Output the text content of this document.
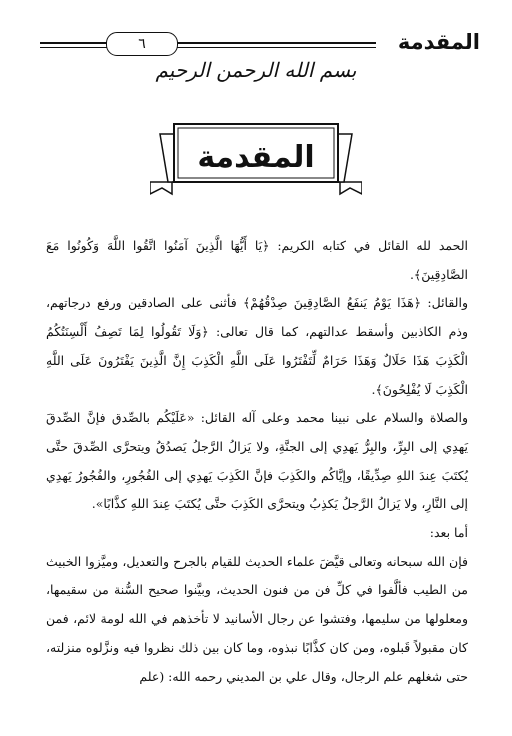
المقدمة
٦
بسم الله الرحمن الرحيم
المقدمة

الحمد لله القائل في كتابه الكريم: ﴿يَا أَيُّهَا الَّذِينَ آمَنُوا اتَّقُوا اللَّهَ وَكُونُوا مَعَ الصَّادِقِينَ﴾.

والقائل: ﴿هَذَا يَوْمُ يَنفَعُ الصَّادِقِينَ صِدْقُهُمْ﴾ فأثنى على الصادقين ورفع درجاتهم، وذم الكاذبين وأسقط عدالتهم، كما قال تعالى: ﴿وَلَا تَقُولُوا لِمَا تَصِفُ أَلْسِنَتُكُمُ الْكَذِبَ هَذَا حَلَالٌ وَهَذَا حَرَامٌ لِّتَفْتَرُوا عَلَى اللَّهِ الْكَذِبَ إِنَّ الَّذِينَ يَفْتَرُونَ عَلَى اللَّهِ الْكَذِبَ لَا يُفْلِحُونَ﴾.

والصلاة والسلام على نبينا محمد وعلى آله القائل: «عَلَيْكُم بالصِّدق فإنَّ الصِّدقَ يَهدِي إلى البِرِّ، والبِرُّ يَهدِي إلى الجنَّةِ، ولا يَزالُ الرَّجلُ يَصدُقُ ويتحرَّى الصِّدقَ حتَّى يُكتَبَ عِندَ اللهِ صِدِّيقًا، وإيَّاكُم والكَذِبَ فإنَّ الكَذِبَ يَهدِي إلى الفُجُورِ، والفُجُورُ يَهدِي إلى النَّارِ، ولا يَزالُ الرَّجلُ يَكذِبُ ويتحرَّى الكَذِبَ حتَّى يُكتَبَ عِندَ اللهِ كذَّابًا».

أما بعد:

فإن الله سبحانه وتعالى قيَّضَ علماء الحديث للقيام بالجرح والتعديل، وميَّزوا الخبيث من الطيب فألَّفوا في كلِّ فن من فنون الحديث، وبيَّنوا صحيح السُّنة من سقيمها، ومعلولها من سليمها، وفتشوا عن رجال الأسانيد لا تأخذهم في الله لومة لائم، فمن كان مقبولاً قَبلوه، ومن كان كذَّابًا نبذوه، وما كان بين ذلك نظروا فيه ونزَّلوه منزلته، حتى شغلهم علم الرجال، وقال علي بن المديني رحمه الله: (علم
